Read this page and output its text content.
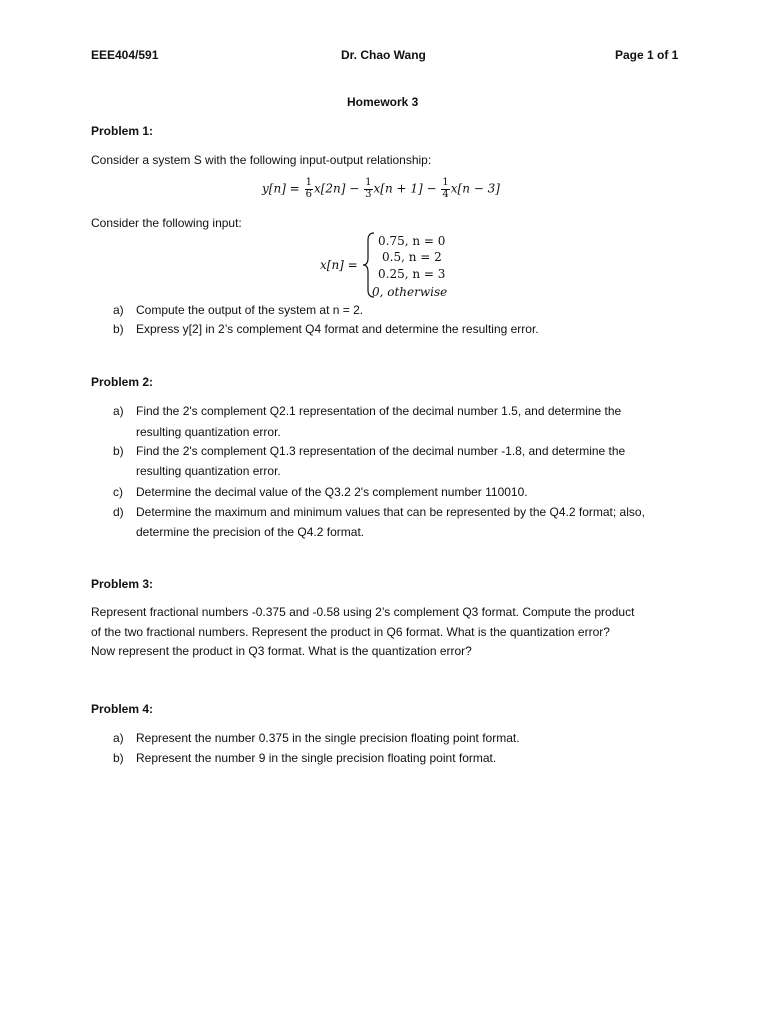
EEE404/591	Dr. Chao Wang	Page 1 of 1
Homework 3
Problem 1:
Consider a system S with the following input-output relationship:
$y[n] = \frac{1}{6} x[2n] - \frac{1}{3} x[n + 1] - \frac{1}{4} x[n - 3]$
Consider the following input:
x[n] =
0.75, n = 0
0.5, n = 2
0.25, n = 3
0, otherwise
a) Compute the output of the system at n = 2.
b) Express y[2] in 2’s complement Q4 format and determine the resulting error.
Problem 2:
a) Find the 2's complement Q2.1 representation of the decimal number 1.5, and determine the
resulting quantization error.
b) Find the 2's complement Q1.3 representation of the decimal number -1.8, and determine the
resulting quantization error.
c) Determine the decimal value of the Q3.2 2's complement number 110010.
d) Determine the maximum and minimum values that can be represented by the Q4.2 format; also,
determine the precision of the Q4.2 format.
Problem 3:
Represent fractional numbers -0.375 and -0.58 using 2’s complement Q3 format. Compute the product
of the two fractional numbers. Represent the product in Q6 format. What is the quantization error?
Now represent the product in Q3 format. What is the quantization error?
Problem 4:
a) Represent the number 0.375 in the single precision floating point format.
b) Represent the number 9 in the single precision floating point format.
